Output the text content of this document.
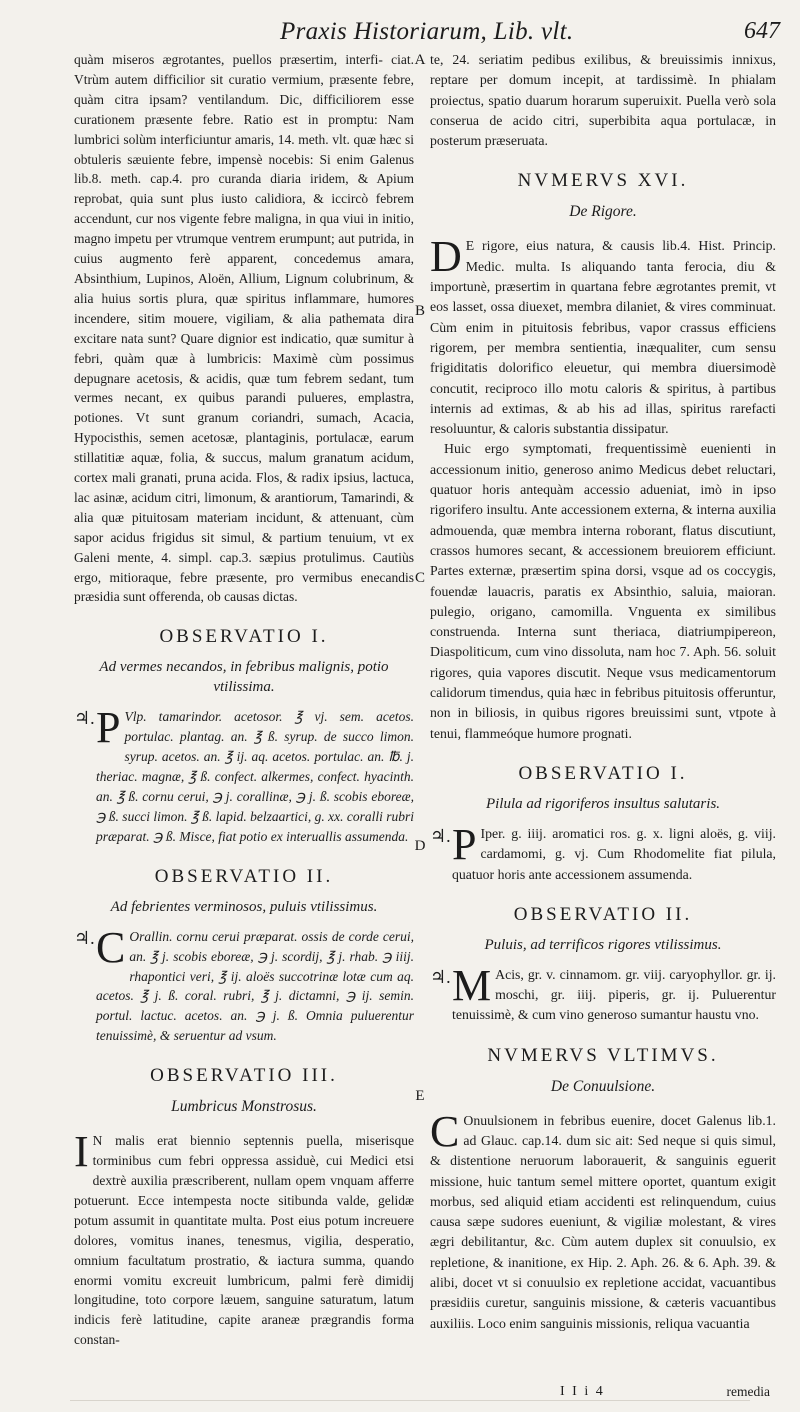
Praxis Historiarum, Lib. vlt.	647
A
B
C
D
E

quàm miseros ægrotantes, puellos præsertim, interfi- ciat. Vtrùm autem difficilior sit curatio vermium, præsente febre, quàm citra ipsam? ventilandum. Dic, difficiliorem esse curationem præsente febre. Ratio est in promptu: Nam lumbrici solùm interficiuntur amaris, 14. meth. vlt. quæ hæc si obtuleris sæuiente febre, impensè nocebis: Si enim Galenus lib.8. meth. cap.4. pro curanda diaria iridem, & Apium reprobat, quia sunt plus iusto calidiora, & iccircò febrem accendunt, cur nos vigente febre maligna, in qua viui in initio, magno impetu per vtrumque ventrem erumpunt; aut putrida, in cuius augmento ferè apparent, concedemus amara, Absinthium, Lupinos, Aloën, Allium, Lignum colubrinum, & alia huius sortis plura, quæ spiritus inflammare, humores incendere, sitim mouere, vigiliam, & alia pathemata dira excitare nata sunt? Quare dignior est indicatio, quæ sumitur à febri, quàm quæ à lumbricis: Maximè cùm possimus depugnare acetosis, & acidis, quæ tum febrem sedant, tum vermes necant, ex quibus parandi pulueres, emplastra, potiones. Vt sunt granum coriandri, sumach, Acacia, Hypocisthis, semen acetosæ, plantaginis, portulacæ, earum stillatitiæ aquæ, folia, & succus, malum granatum acidum, cortex mali granati, pruna acida. Flos, & radix ipsius, lactuca, lac asinæ, acidum citri, limonum, & arantiorum, Tamarindi, & alia quæ pituitosam materiam incidunt, & attenuant, cùm sapor acidus frigidus sit simul, & partium tenuium, vt ex Galeni mente, 4. simpl. cap.3. sæpius protulimus. Cautiùs ergo, mitioraque, febre præsente, pro vermibus enecandis præsidia sunt offerenda, ob causas dictas.

OBSERVATIO I.
Ad vermes necandos, in febribus malignis, potio vtilissima.
♃. P Vlp. tamarindor. acetosor. ℥ vj. sem. acetos. portulac. plantag. an. ℥ ß. syrup. de succo limon. syrup. acetos. an. ℥ ij. aq. acetos. portulac. an. ℔. j. theriac. magnæ, ℥ ß. confect. alkermes, confect. hyacinth. an. ℥ ß. cornu cerui, ℈ j. corallinæ, ℈ j. ß. scobis eboreæ, ℈ ß. succi limon. ℥ ß. lapid. belzaartici, g. xx. coralli rubri præparat. ℈ ß. Misce, fiat potio ex interuallis assumenda.
OBSERVATIO II.
Ad febrientes verminosos, puluis vtilissimus.
♃. C Orallin. cornu cerui præparat. ossis de corde cerui, an. ℥ j. scobis eboreæ, ℈ j. scordij, ℥ j. rhab. ℈ iiij. rhapontici veri, ℥ ij. aloës succotrinæ lotæ cum aq. acetos. ℥ j. ß. coral. rubri, ℥ j. dictamni, ℈ ij. semin. portul. lactuc. acetos. an. ℈ j. ß. Omnia puluerentur tenuissimè, & seruentur ad vsum.
OBSERVATIO III.
Lumbricus Monstrosus.

I N malis erat biennio septennis puella, miserisque torminibus cum febri oppressa assiduè, cui Medici etsi dextrè auxilia præscriberent, nullam opem vnquam afferre potuerunt. Ecce intempesta nocte sitibunda valde, gelidæ potum assumit in quantitate multa. Post eius potum increuere dolores, vomitus inanes, tenesmus, vigilia, desperatio, omnium facultatum prostratio, & iactura summa, quando enormi vomitu excreuit lumbricum, palmi ferè dimidij longitudine, toto corpore læuem, sanguine saturatum, latum indicis ferè latitudine, capite araneæ prægrandis forma constan-

te, 24. seriatim pedibus exilibus, & breuissimis innixus, reptare per domum incepit, at tardissimè. In phialam proiectus, spatio duarum horarum superuixit. Puella verò sola conserua de acido citri, superbibita aqua portulacæ, in posterum præseruata.

NVMERVS XVI.
De Rigore.

D E rigore, eius natura, & causis lib.4. Hist. Princip. Medic. multa. Is aliquando tanta ferocia, diu & importunè, præsertim in quartana febre ægrotantes premit, vt eos lasset, ossa diuexet, membra dilaniet, & vires comminuat. Cùm enim in pituitosis febribus, vapor crassus efficiens rigorem, per membra sentientia, inæqualiter, cum sensu frigiditatis dolorifico eleuetur, qui membra diuersimodè concutit, reciproco illo motu caloris & spiritus, à partibus internis ad extimas, & ab his ad illas, spiritus rarefacti resoluuntur, & caloris substantia dissipatur.

Huic ergo symptomati, frequentissimè euenienti in accessionum initio, generoso animo Medicus debet reluctari, quatuor horis antequàm accessio adueniat, imò in ipso rigorifero insultu. Ante accessionem externa, & interna auxilia admouenda, quæ membra interna roborant, flatus discutiunt, crassos humores secant, & accessionem breuiorem efficiunt. Partes externæ, præsertim spina dorsi, vsque ad os coccygis, fouendæ lauacris, paratis ex Absinthio, saluia, maioran. pulegio, origano, camomilla. Vnguenta ex similibus construenda. Interna sunt theriaca, diatriumpipereon, Diaspoliticum, cum vino dissoluta, nam hoc 7. Aph. 56. soluit rigores, quia vapores discutit. Neque vsus medicamentorum calidorum timendus, quia hæc in febribus pituitosis offeruntur, non in biliosis, in quibus rigores breuissimi sunt, vtpote à tenui, flammeóque humore prognati.

OBSERVATIO I.
Pilula ad rigoriferos insultus salutaris.
♃. P Iper. g. iiij. aromatici ros. g. x. ligni aloës, g. viij. cardamomi, g. vj. Cum Rhodomelite fiat pilula, quatuor horis ante accessionem assumenda.
OBSERVATIO II.
Puluis, ad terrificos rigores vtilissimus.
♃. M Acis, gr. v. cinnamom. gr. viij. caryophyllor. gr. ij. moschi, gr. iiij. piperis, gr. ij. Puluerentur tenuissimè, & cum vino generoso sumantur haustu vno.
NVMERVS VLTIMVS.
De Conuulsione.

C Onuulsionem in febribus euenire, docet Galenus lib.1. ad Glauc. cap.14. dum sic ait: Sed neque si quis simul, & distentione neruorum laborauerit, & sanguinis eguerit missione, huic tantum semel mittere oportet, quantum exigit morbus, sed aliquid etiam accidenti est relinquendum, cuius causa sæpe sudores eueniunt, & vigiliæ molestant, & vires ægri debilitantur, &c. Cùm autem duplex sit conuulsio, ex repletione, & inanitione, ex Hip. 2. Aph. 26. & 6. Aph. 39. & alibi, docet vt si conuulsio ex repletione accidat, vacuantibus præsidiis curetur, sanguinis missione, & cæteris vacuantibus auxiliis. Loco enim sanguinis missionis, reliqua vacuantia

I I i 4	remedia
